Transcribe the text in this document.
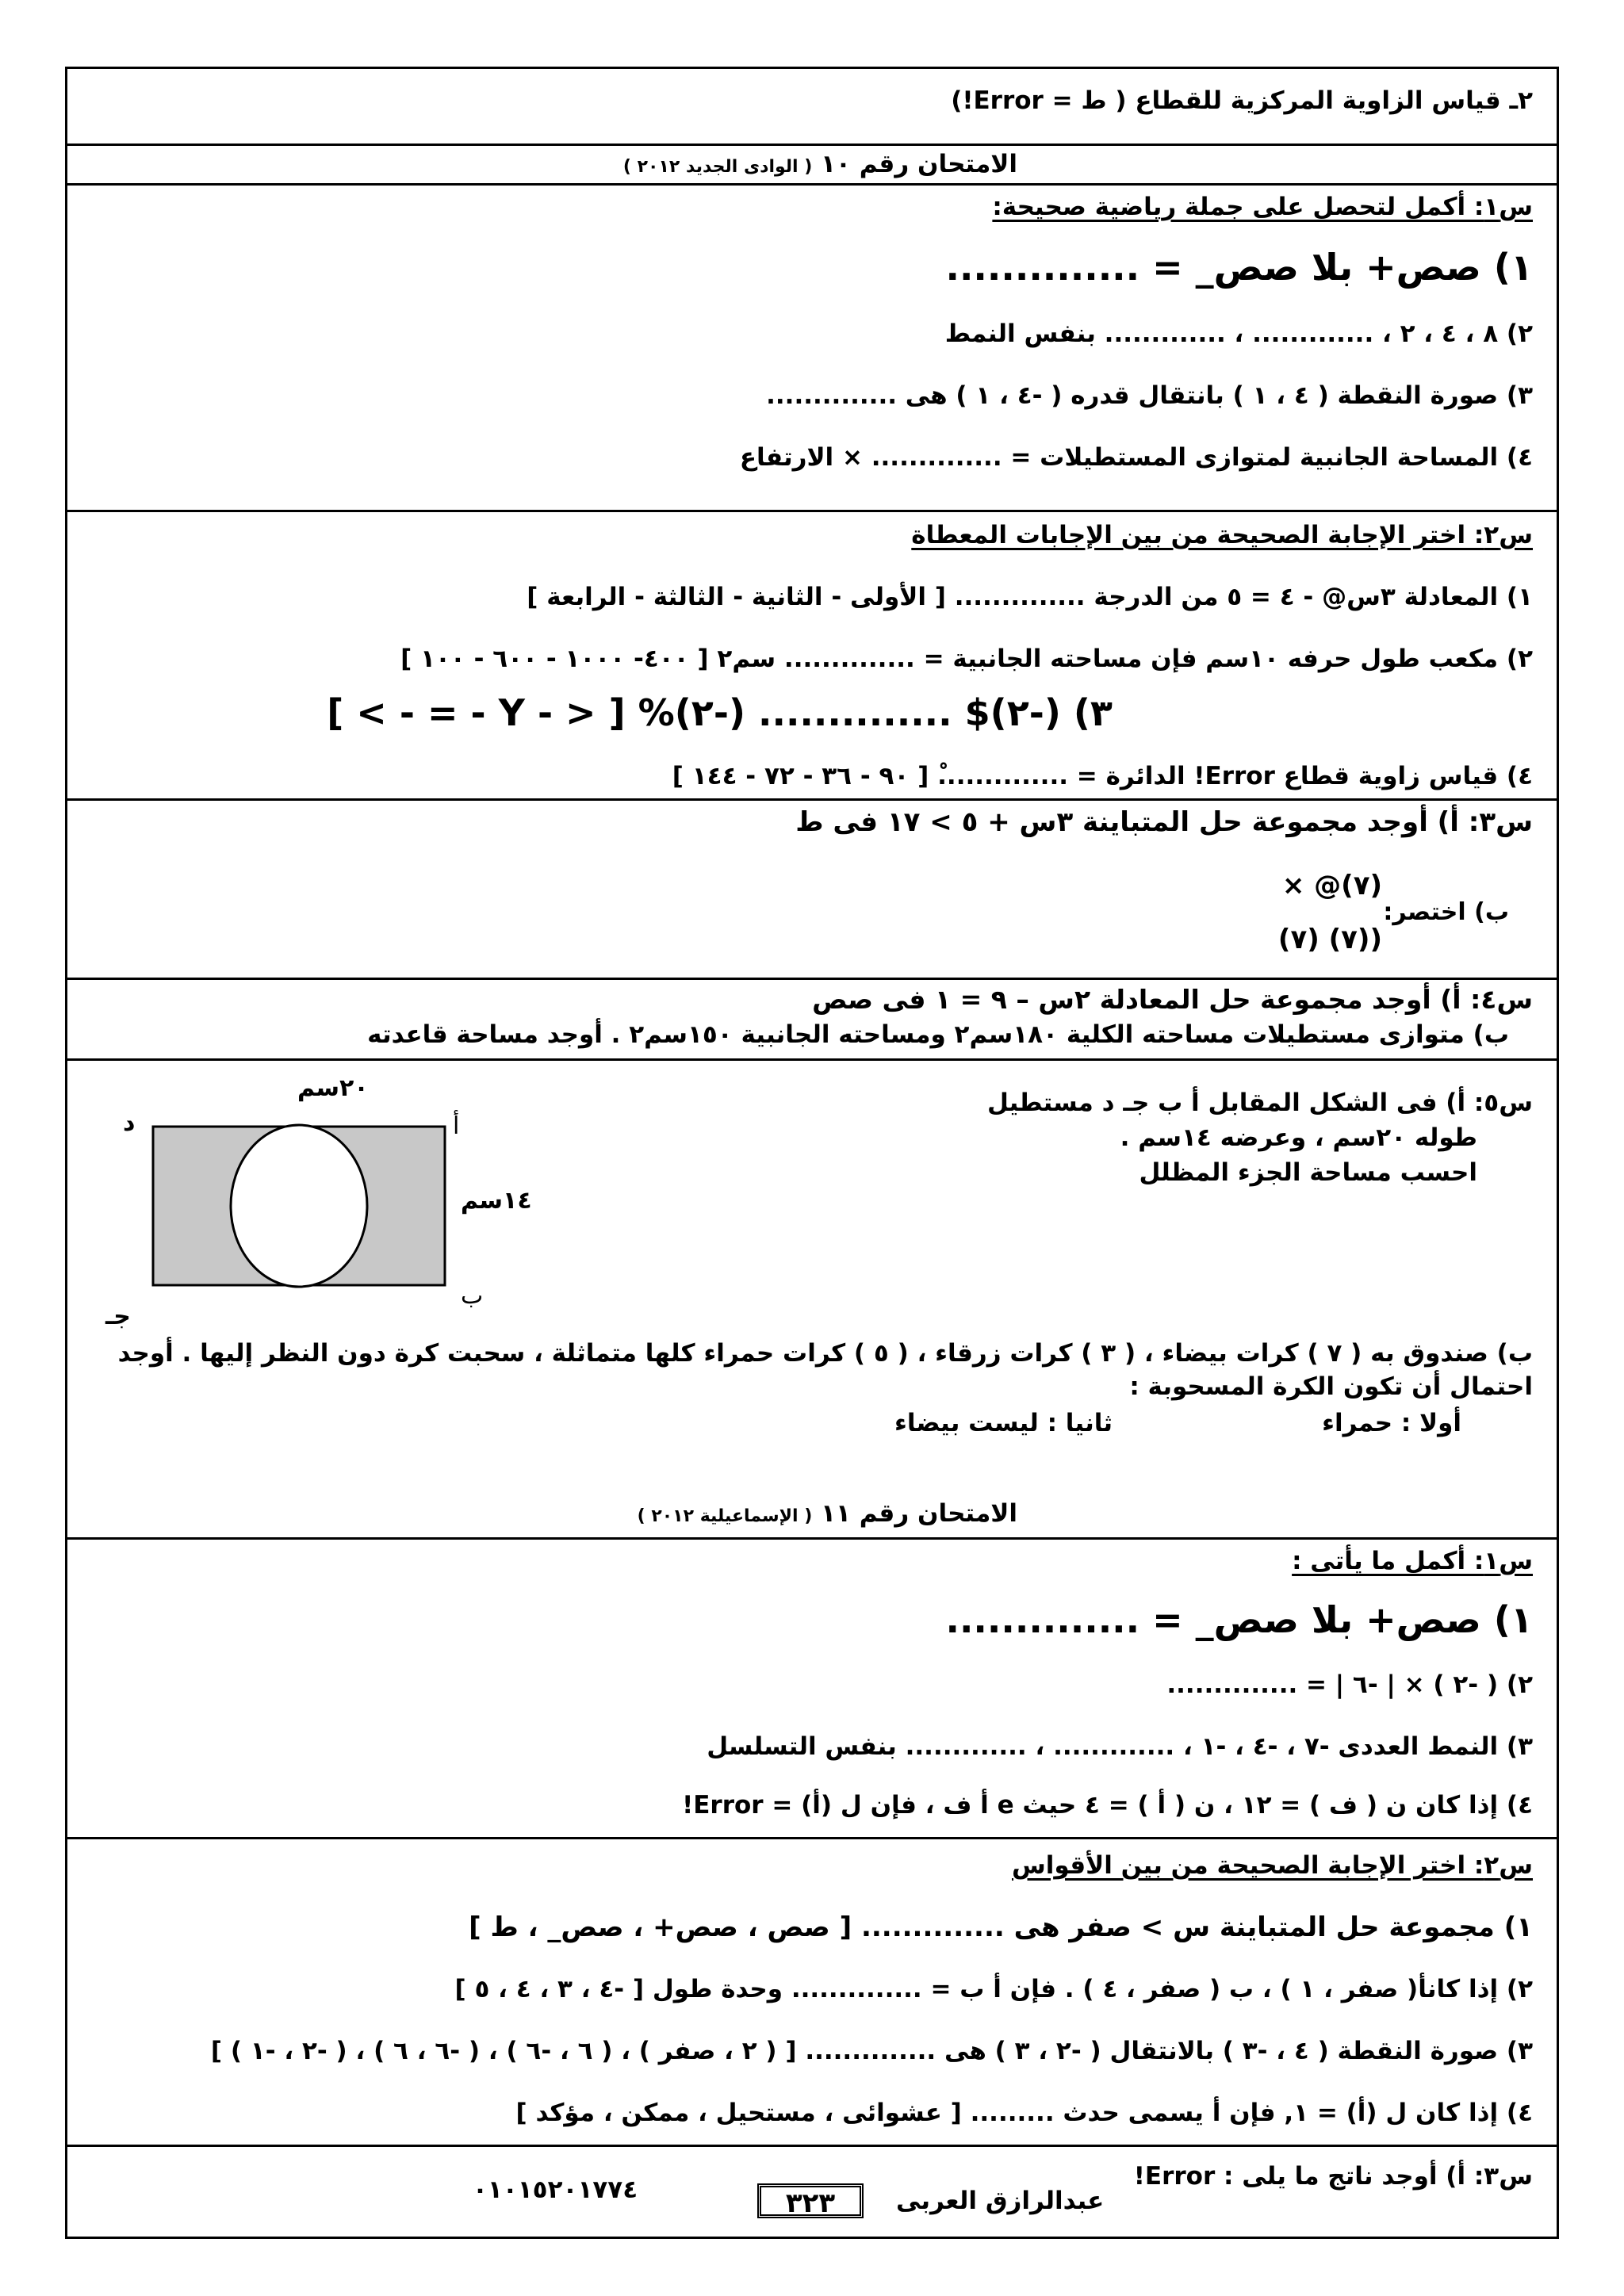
٢ـ قياس الزاوية المركزية للقطاع ( ط = Error!)
الامتحان رقم ١٠ ( الوادى الجديد ٢٠١٢ )
س١: أكمل لتحصل على جملة رياضية صحيحة:
١) صص+ بلا صص_ = ..............
٢) ٨ ، ٤ ، ٢ ، ............. ، ............. بنفس النمط
٣) صورة النقطة ( ٤ ، ١ ) بانتقال قدره ( -٤ ، ١ ) هى ..............
٤) المساحة الجانبية لمتوازى المستطيلات = .............. × الارتفاع
س٢: اختر الإجابة الصحيحة من بين الإجابات المعطاة
١) المعادلة ٣س@ - ٤ = ٥ من الدرجة .............. [ الأولى - الثانية - الثالثة - الرابعة ]
٢) مكعب طول حرفه ١٠سم فإن مساحته الجانبية = .............. سم٢ [ ٤٠٠- ١٠٠٠ - ٦٠٠ - ١٠٠ ]
٣) (-٢)$ .............. (-٢)% [ < - Y - = - > ]
٤) قياس زاوية قطاع Error! الدائرة = ..............ْ [ ٩٠ - ٣٦ - ٧٢ - ١٤٤ ]
س٣: أ) أوجد مجموعة حل المتباينة ٣س + ٥ > ١٧ فى ط
ب) اختصر:
(٧)@ ×
((٧) (٧)
س٤: أ) أوجد مجموعة حل المعادلة ٢س – ٩ = ١ فى صص
ب) متوازى مستطيلات مساحته الكلية ١٨٠سم٢ ومساحته الجانبية ١٥٠سم٢ . أوجد مساحة قاعدته
س٥: أ) فى الشكل المقابل أ ب جـ د مستطيل
طوله ٢٠سم ، وعرضه ١٤سم .
احسب مساحة الجزء المظلل
٢٠سم
د	أ
١٤سم
ب
جـ
ب) صندوق به ( ٧ ) كرات بيضاء ، ( ٣ ) كرات زرقاء ، ( ٥ ) كرات حمراء كلها متماثلة ، سحبت كرة دون النظر إليها . أوجد
احتمال أن تكون الكرة المسحوبة :
أولا : حمراء
ثانيا : ليست بيضاء
الامتحان رقم ١١ ( الإسماعيلية ٢٠١٢ )
س١: أكمل ما يأتى :
١) صص+ بلا صص_ = ..............
٢) ( -٢ ) × | -٦ | = ..............
٣) النمط العددى -٧ ، -٤ ، -١ ، ............. ، ............. بنفس التسلسل
٤) إذا كان ن ( ف ) = ١٢ ، ن ( أ ) = ٤ حيث e أ ف ، فإن ل (أ) = Error!
س٢: اختر الإجابة الصحيحة من بين الأقواس
١) مجموعة حل المتباينة س > صفر هى .............. [ صص ، صص+ ، صص_ ، ط ]
٢) إذا كانأ( صفر ، ١ ) ، ب ( صفر ، ٤ ) . فإن أ ب = .............. وحدة طول [ -٤ ، ٣ ، ٤ ، ٥ ]
٣) صورة النقطة ( ٤ ، -٣ ) بالانتقال ( -٢ ، ٣ ) هى .............. [ ( ٢ ، صفر ) ، ( ٦ ، -٦ ) ، ( -٦ ، ٦ ) ، ( -٢ ، -١ ) ]
٤) إذا كان ل (أ) = ١, فإن أ يسمى حدث ......... [ عشوائى ، مستحيل ، ممكن ، مؤكد ]
س٣: أ) أوجد ناتج ما يلى : Error!
عبدالرازق العربى
٣٢٣
٠١٠١٥٢٠١٧٧٤
